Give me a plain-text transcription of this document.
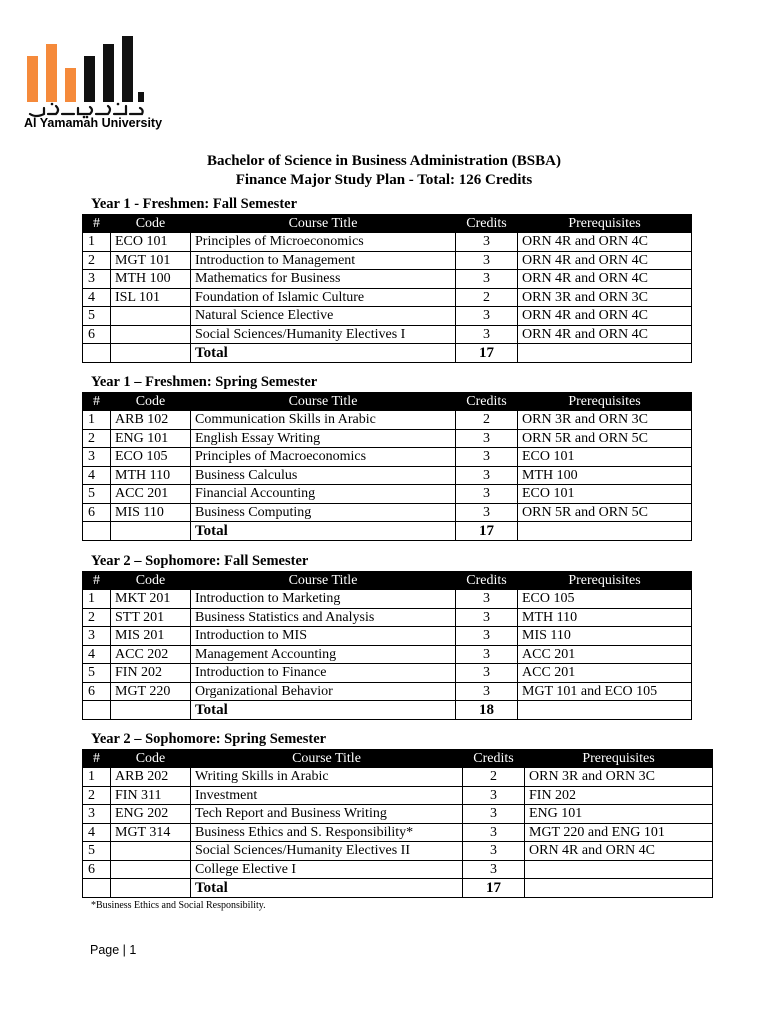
Al Yamamah University
Bachelor of Science in Business Administration (BSBA)
Finance Major Study Plan - Total: 126 Credits
Year 1 - Freshmen: Fall Semester
#	Code	Course Title	Credits	Prerequisites
1	ECO 101	Principles of Microeconomics	3	ORN 4R and ORN 4C
2	MGT 101	Introduction to Management	3	ORN 4R and ORN 4C
3	MTH 100	Mathematics for Business	3	ORN 4R and ORN 4C
4	ISL 101	Foundation of Islamic Culture	2	ORN 3R and ORN 3C
5		Natural Science Elective	3	ORN 4R and ORN 4C
6		Social Sciences/Humanity Electives I	3	ORN 4R and ORN 4C
		Total	17	
Year 1 – Freshmen: Spring Semester
#	Code	Course Title	Credits	Prerequisites
1	ARB 102	Communication Skills in Arabic	2	ORN 3R and ORN 3C
2	ENG 101	English Essay Writing	3	ORN 5R and ORN 5C
3	ECO 105	Principles of Macroeconomics	3	ECO 101
4	MTH 110	Business Calculus	3	MTH 100
5	ACC 201	Financial Accounting	3	ECO 101
6	MIS 110	Business Computing	3	ORN 5R and ORN 5C
		Total	17	
Year 2 – Sophomore: Fall Semester
#	Code	Course Title	Credits	Prerequisites
1	MKT 201	Introduction to Marketing	3	ECO 105
2	STT 201	Business Statistics and Analysis	3	MTH 110
3	MIS 201	Introduction to MIS	3	MIS 110
4	ACC 202	Management Accounting	3	ACC 201
5	FIN 202	Introduction to Finance	3	ACC 201
6	MGT 220	Organizational Behavior	3	MGT 101 and ECO 105
		Total	18	
Year 2 – Sophomore: Spring Semester
#	Code	Course Title	Credits	Prerequisites
1	ARB 202	Writing Skills in Arabic	2	ORN 3R and ORN 3C
2	FIN 311	Investment	3	FIN 202
3	ENG 202	Tech Report and Business Writing	3	ENG 101
4	MGT 314	Business Ethics and S. Responsibility*	3	MGT 220 and ENG 101
5		Social Sciences/Humanity Electives II	3	ORN 4R and ORN 4C
6		College Elective I	3	
		Total	17	
*Business Ethics and Social Responsibility.
Page | 1
